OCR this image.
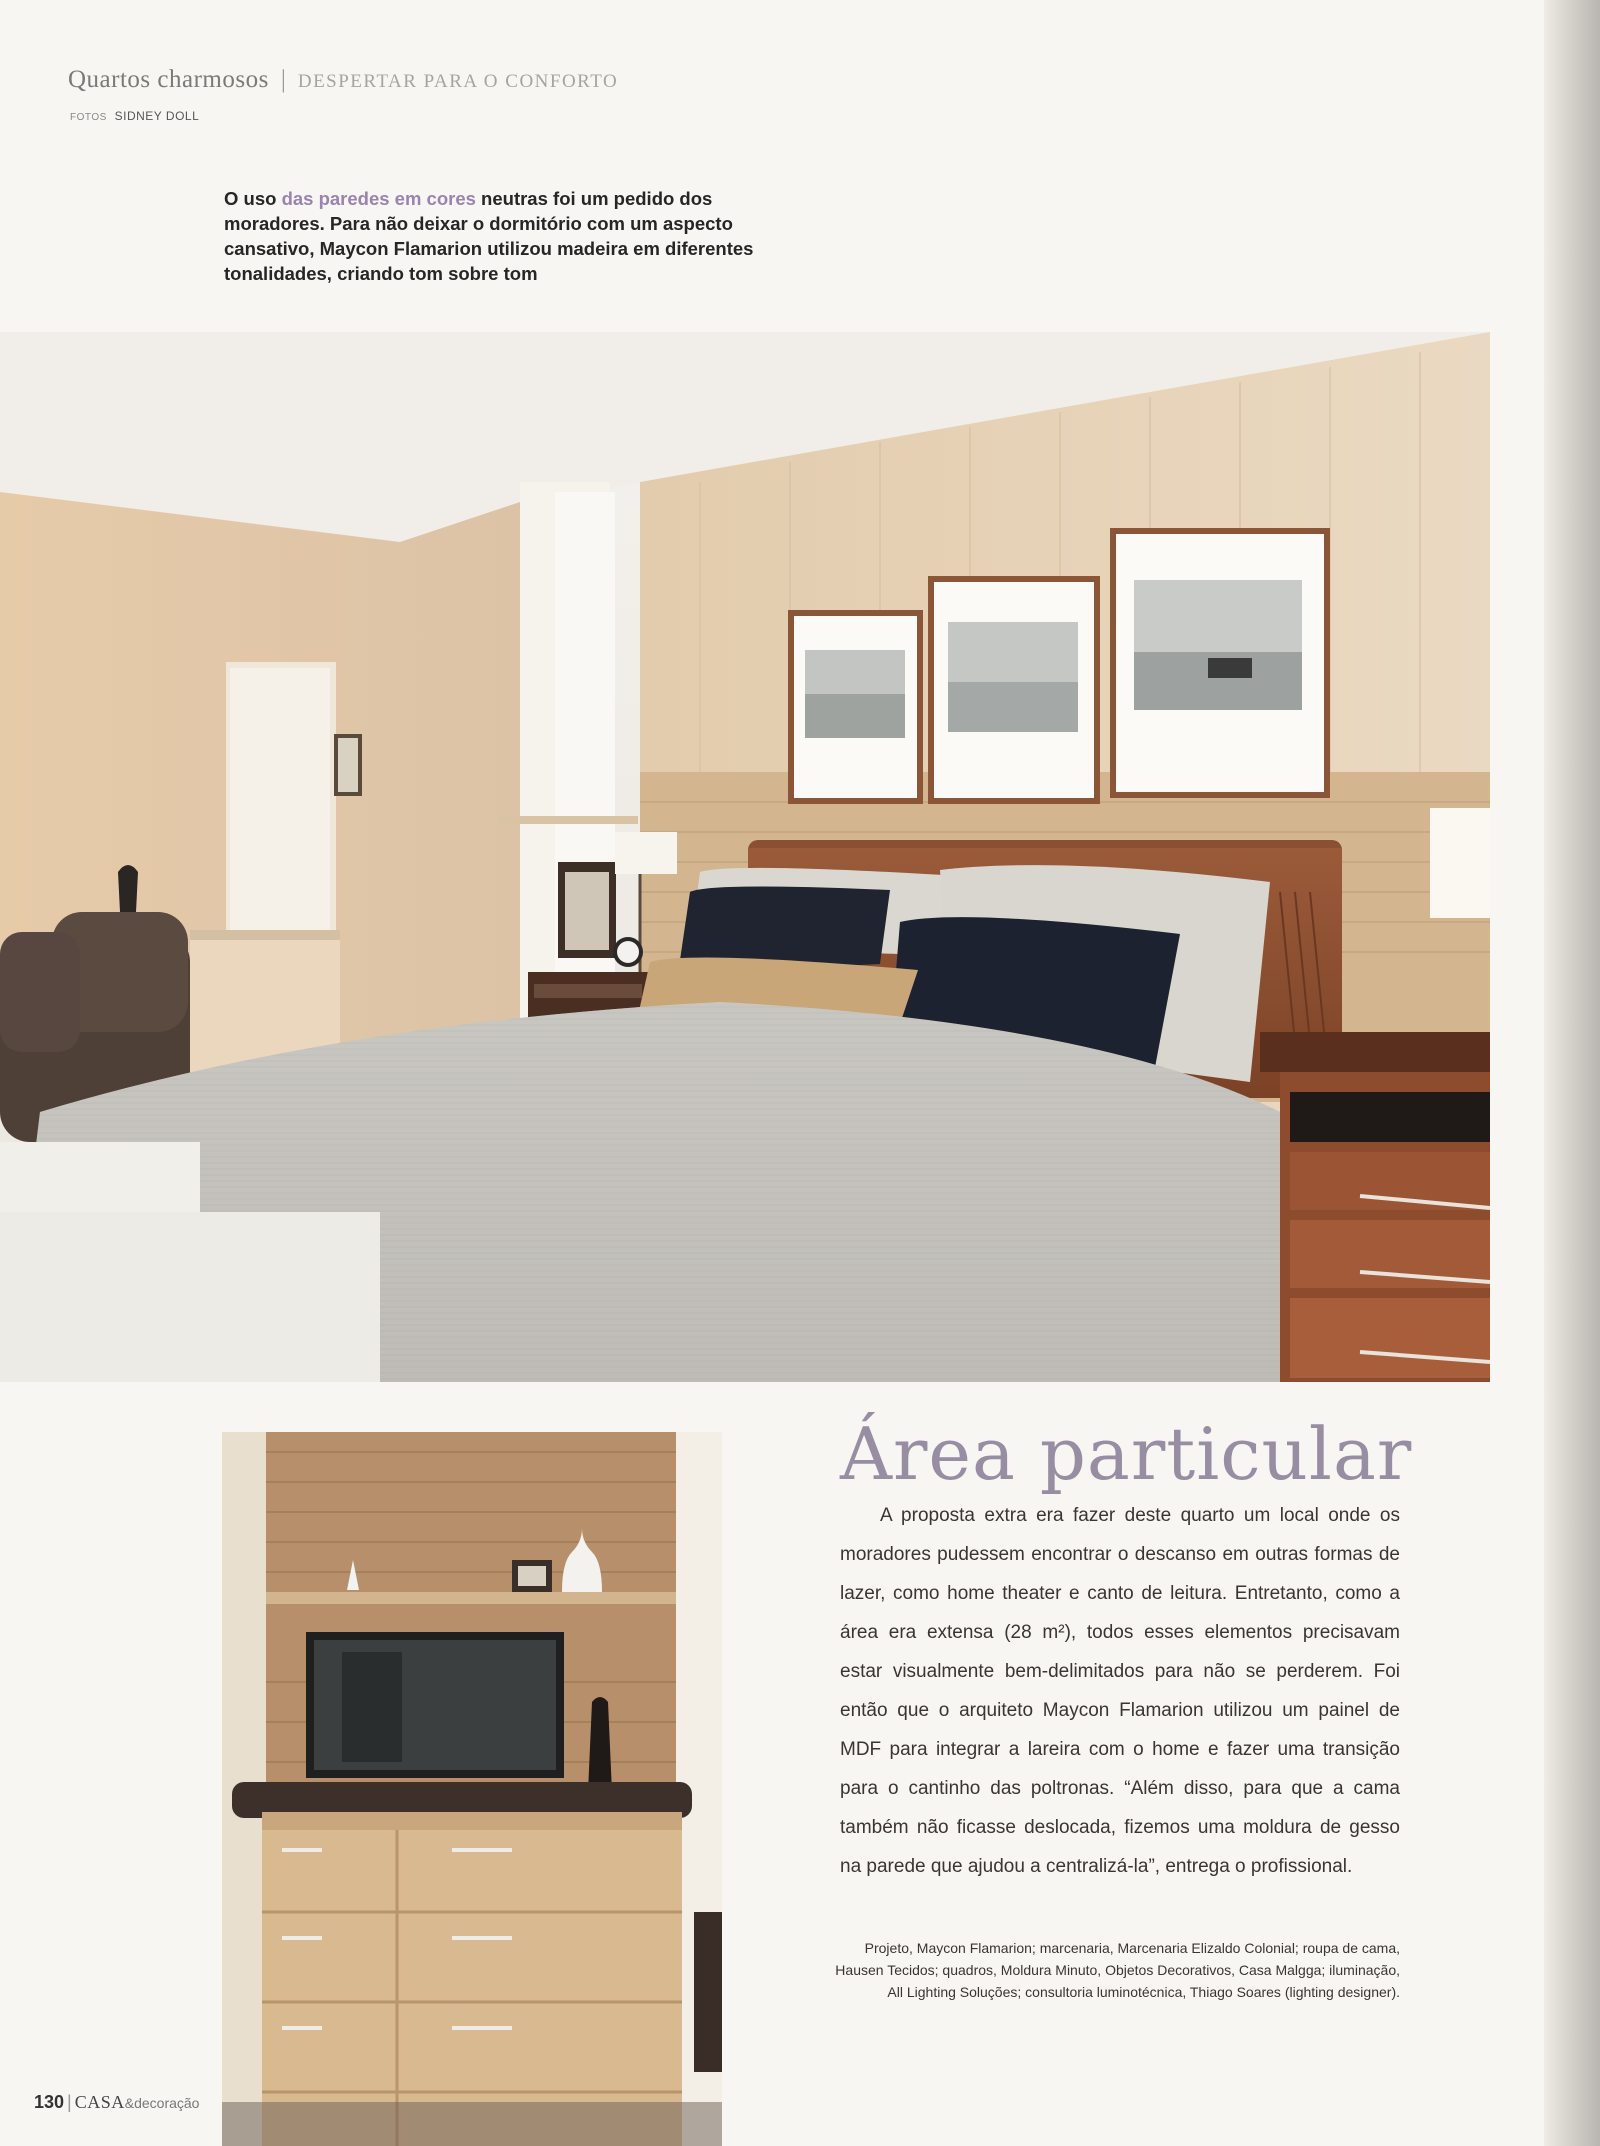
Quartos charmosos | DESPERTAR PARA O CONFORTO
FOTOS SIDNEY DOLL
O uso das paredes em cores neutras foi um pedido dos moradores. Para não deixar o dormitório com um aspecto cansativo, Maycon Flamarion utilizou madeira em diferentes tonalidades, criando tom sobre tom
Área particular
A proposta extra era fazer deste quarto um local onde os moradores pudessem encontrar o descanso em outras formas de lazer, como home theater e canto de leitura. Entretanto, como a área era extensa (28 m²), todos esses elementos precisavam estar visualmente bem-delimitados para não se perderem. Foi então que o arquiteto Maycon Flamarion utilizou um painel de MDF para integrar a lareira com o home e fazer uma transição para o cantinho das poltronas. “Além disso, para que a cama também não ficasse deslocada, fizemos uma moldura de gesso na parede que ajudou a centralizá-la”, entrega o profissional.
Projeto, Maycon Flamarion; marcenaria, Marcenaria Elizaldo Colonial; roupa de cama, Hausen Tecidos; quadros, Moldura Minuto, Objetos Decorativos, Casa Malgga; iluminação, All Lighting Soluções; consultoria luminotécnica, Thiago Soares (lighting designer).
130 | CASA&decoração
